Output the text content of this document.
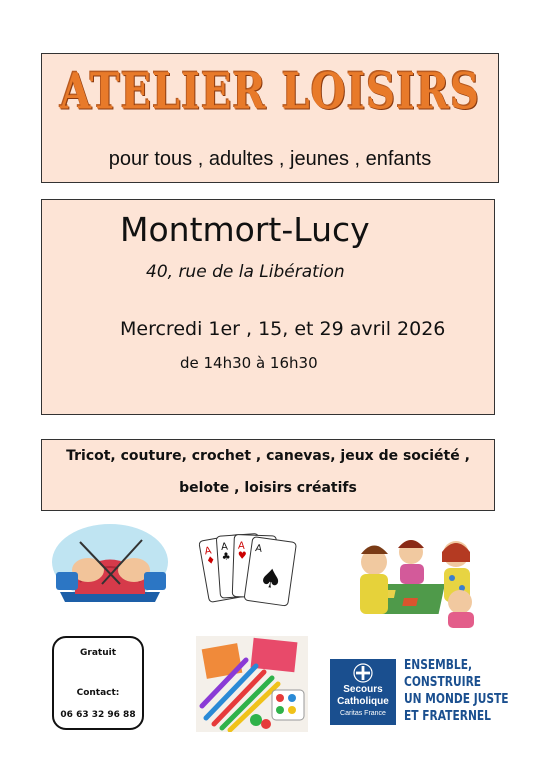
ATELIER LOISIRS
pour tous , adultes , jeunes , enfants
Montmort-Lucy
40, rue de la Libération
Mercredi 1er , 15, et 29 avril 2026
de 14h30 à 16h30
Tricot, couture, crochet , canevas, jeux de société ,
belote , loisirs créatifs
A
♦
A
♣
A
♥
A
♠
Gratuit
Contact:
06 63 32 96 88
Secours
Catholique
Caritas France
ENSEMBLE,
CONSTRUIRE
UN MONDE JUSTE
ET FRATERNEL
